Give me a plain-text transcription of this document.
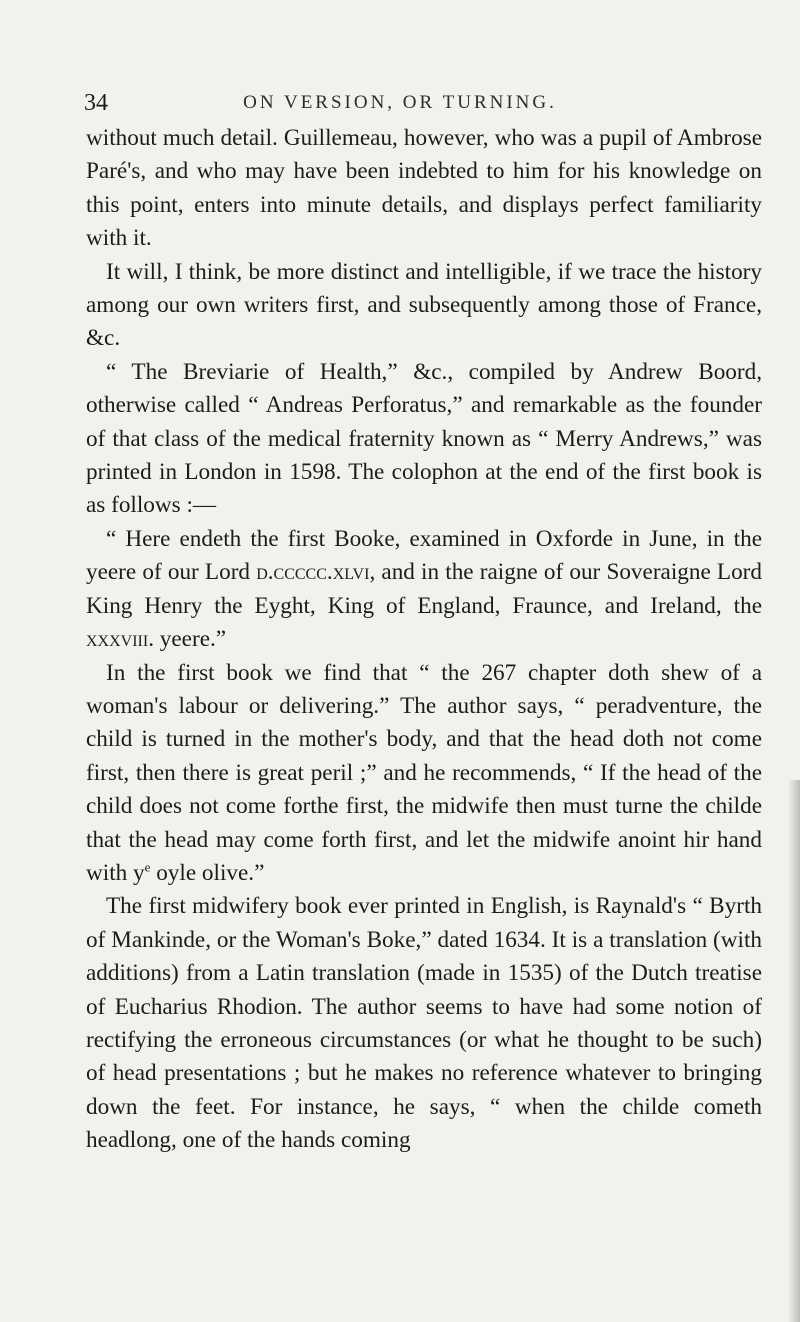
34	ON VERSION, OR TURNING.

without much detail. Guillemeau, however, who was a pupil of Ambrose Paré's, and who may have been indebted to him for his knowledge on this point, enters into minute details, and displays perfect familiarity with it.

It will, I think, be more distinct and intelligible, if we trace the history among our own writers first, and subsequently among those of France, &c.

“ The Breviarie of Health,” &c., compiled by Andrew Boord, otherwise called “ Andreas Perforatus,” and remarkable as the founder of that class of the medical fraternity known as “ Merry Andrews,” was printed in London in 1598. The colophon at the end of the first book is as follows :—

“ Here endeth the first Booke, examined in Oxforde in June, in the yeere of our Lord d.ccccc.xlvi, and in the raigne of our Soveraigne Lord King Henry the Eyght, King of England, Fraunce, and Ireland, the xxxviii. yeere.”

In the first book we find that “ the 267 chapter doth shew of a woman's labour or delivering.” The author says, “ peradventure, the child is turned in the mother's body, and that the head doth not come first, then there is great peril ;” and he recommends, “ If the head of the child does not come forthe first, the midwife then must turne the childe that the head may come forth first, and let the midwife anoint hir hand with $y^e$ oyle olive.”

The first midwifery book ever printed in English, is Raynald's “ Byrth of Mankinde, or the Woman's Boke,” dated 1634. It is a translation (with additions) from a Latin translation (made in 1535) of the Dutch treatise of Eucharius Rhodion. The author seems to have had some notion of rectifying the erroneous circumstances (or what he thought to be such) of head presentations ; but he makes no reference whatever to bringing down the feet. For instance, he says, “ when the childe cometh headlong, one of the hands coming
